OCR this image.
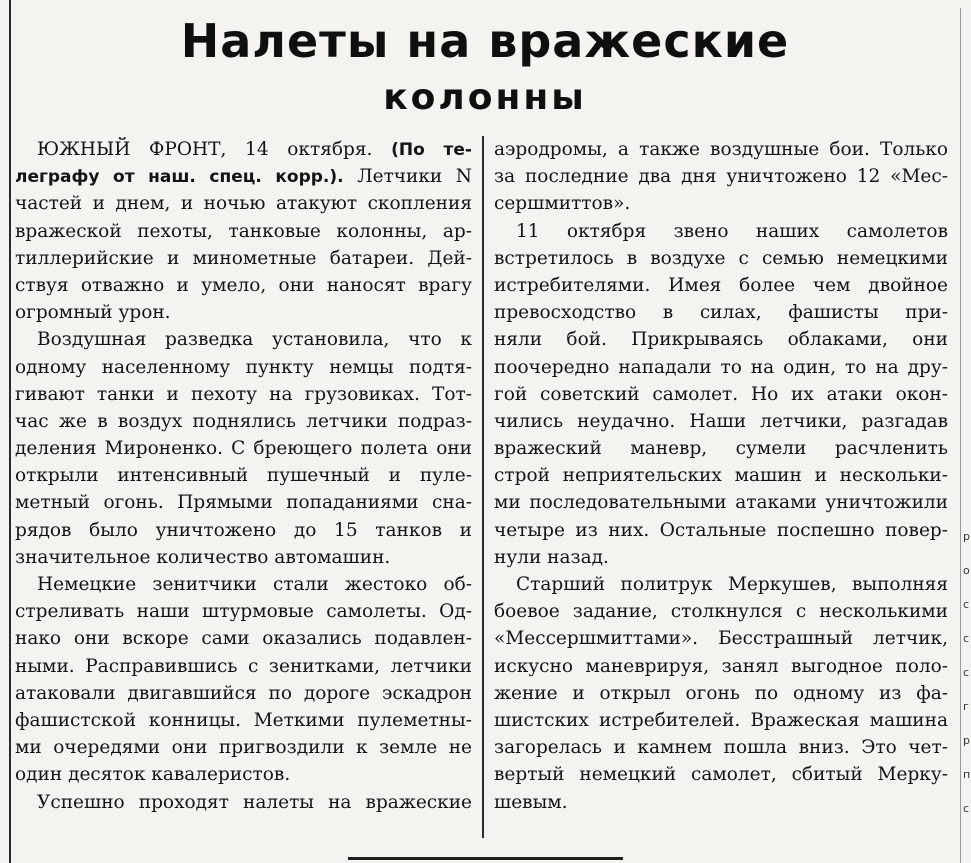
Налеты на вражеские
колонны
ЮЖНЫЙ ФРОНТ, 14 октября. (По те-
леграфу от наш. спец. корр.). Летчики N
частей и днем, и ночью атакуют скопления
вражеской пехоты, танковые колонны, ар-
тиллерийские и минометные батареи. Дей-
ствуя отважно и умело, они наносят врагу
огромный урон.
Воздушная разведка установила, что к
одному населенному пункту немцы подтя-
гивают танки и пехоту на грузовиках. Тот-
час же в воздух поднялись летчики подраз-
деления Мироненко. С бреющего полета они
открыли интенсивный пушечный и пуле-
метный огонь. Прямыми попаданиями сна-
рядов было уничтожено до 15 танков и
значительное количество автомашин.
Немецкие зенитчики стали жестоко об-
стреливать наши штурмовые самолеты. Од-
нако они вскоре сами оказались подавлен-
ными. Расправившись с зенитками, летчики
атаковали двигавшийся по дороге эскадрон
фашистской конницы. Меткими пулеметны-
ми очередями они пригвоздили к земле не
один десяток кавалеристов.
Успешно проходят налеты на вражеские
аэродромы, а также воздушные бои. Только
за последние два дня уничтожено 12 «Мес-
сершмиттов».
11 октября звено наших самолетов
встретилось в воздухе с семью немецкими
истребителями. Имея более чем двойное
превосходство в силах, фашисты при-
няли бой. Прикрываясь облаками, они
поочередно нападали то на один, то на дру-
гой советский самолет. Но их атаки окон-
чились неудачно. Наши летчики, разгадав
вражеский маневр, сумели расчленить
строй неприятельских машин и нескольки-
ми последовательными атаками уничтожили
четыре из них. Остальные поспешно повер-
нули назад.
Старший политрук Меркушев, выполняя
боевое задание, столкнулся с несколькими
«Мессершмиттами». Бесстрашный летчик,
искусно маневрируя, занял выгодное поло-
жение и открыл огонь по одному из фа-
шистских истребителей. Вражеская машина
загорелась и камнем пошла вниз. Это чет-
вертый немецкий самолет, сбитый Мерку-
шевым.
р
о
с
с
с
г
р
п
с
